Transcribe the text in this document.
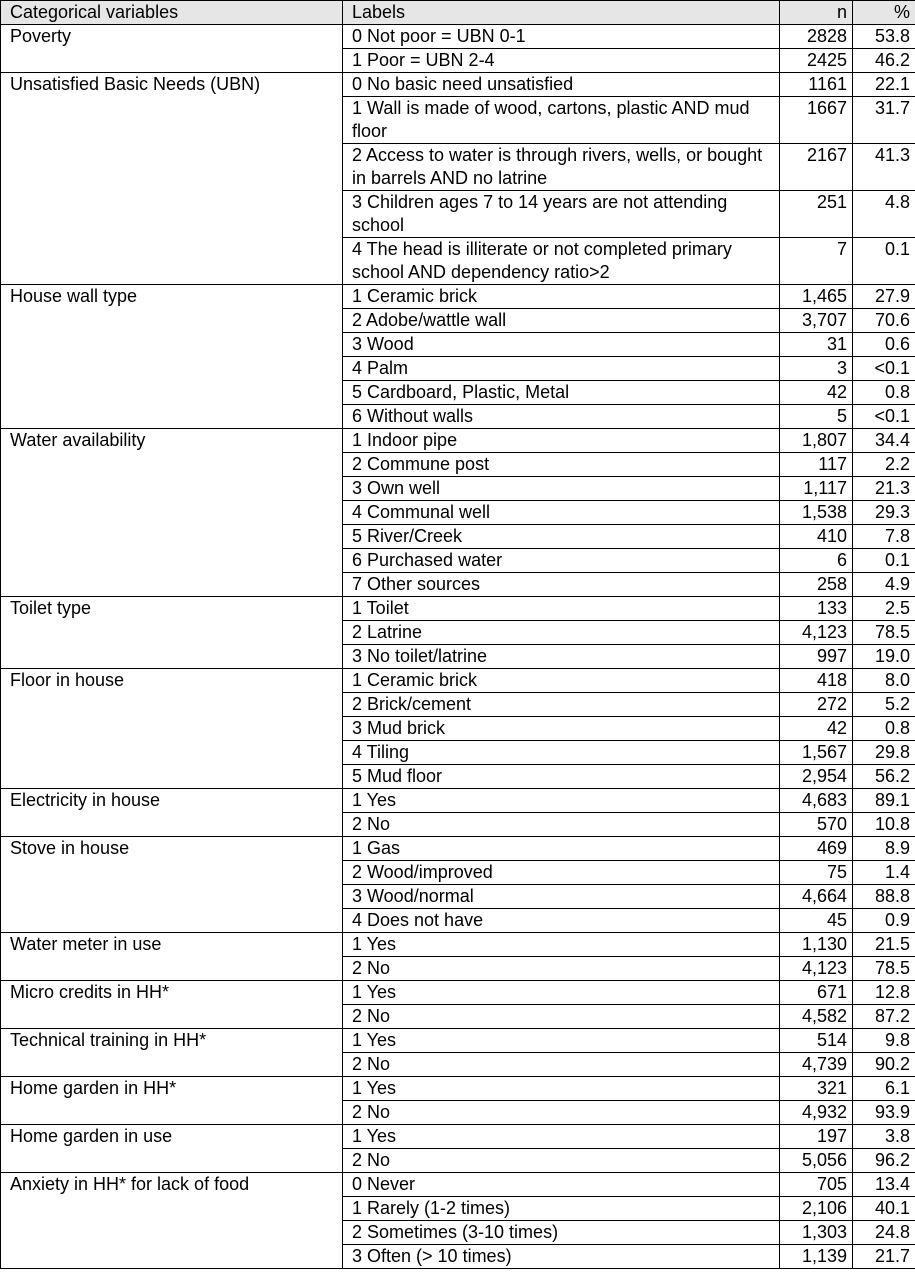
Categorical variables	Labels	n	%
Poverty	0 Not poor = UBN 0-1	2828	53.8
	1 Poor = UBN 2-4	2425	46.2
Unsatisfied Basic Needs (UBN)	0 No basic need unsatisfied	1161	22.1
	1 Wall is made of wood, cartons, plastic AND mud floor	1667	31.7
	2 Access to water is through rivers, wells, or bought in barrels AND no latrine	2167	41.3
	3 Children ages 7 to 14 years are not attending school	251	4.8
	4 The head is illiterate or not completed primary school AND dependency ratio>2	7	0.1
House wall type	1 Ceramic brick	1,465	27.9
	2 Adobe/wattle wall	3,707	70.6
	3 Wood	31	0.6
	4 Palm	3	<0.1
	5 Cardboard, Plastic, Metal	42	0.8
	6 Without walls	5	<0.1
Water availability	1 Indoor pipe	1,807	34.4
	2 Commune post	117	2.2
	3 Own well	1,117	21.3
	4 Communal well	1,538	29.3
	5 River/Creek	410	7.8
	6 Purchased water	6	0.1
	7 Other sources	258	4.9
Toilet type	1 Toilet	133	2.5
	2 Latrine	4,123	78.5
	3 No toilet/latrine	997	19.0
Floor in house	1 Ceramic brick	418	8.0
	2 Brick/cement	272	5.2
	3 Mud brick	42	0.8
	4 Tiling	1,567	29.8
	5 Mud floor	2,954	56.2
Electricity in house	1 Yes	4,683	89.1
	2 No	570	10.8
Stove in house	1 Gas	469	8.9
	2 Wood/improved	75	1.4
	3 Wood/normal	4,664	88.8
	4 Does not have	45	0.9
Water meter in use	1 Yes	1,130	21.5
	2 No	4,123	78.5
Micro credits in HH*	1 Yes	671	12.8
	2 No	4,582	87.2
Technical training in HH*	1 Yes	514	9.8
	2 No	4,739	90.2
Home garden in HH*	1 Yes	321	6.1
	2 No	4,932	93.9
Home garden in use	1 Yes	197	3.8
	2 No	5,056	96.2
Anxiety in HH* for lack of food	0 Never	705	13.4
	1 Rarely (1-2 times)	2,106	40.1
	2 Sometimes (3-10 times)	1,303	24.8
	3 Often (> 10 times)	1,139	21.7
